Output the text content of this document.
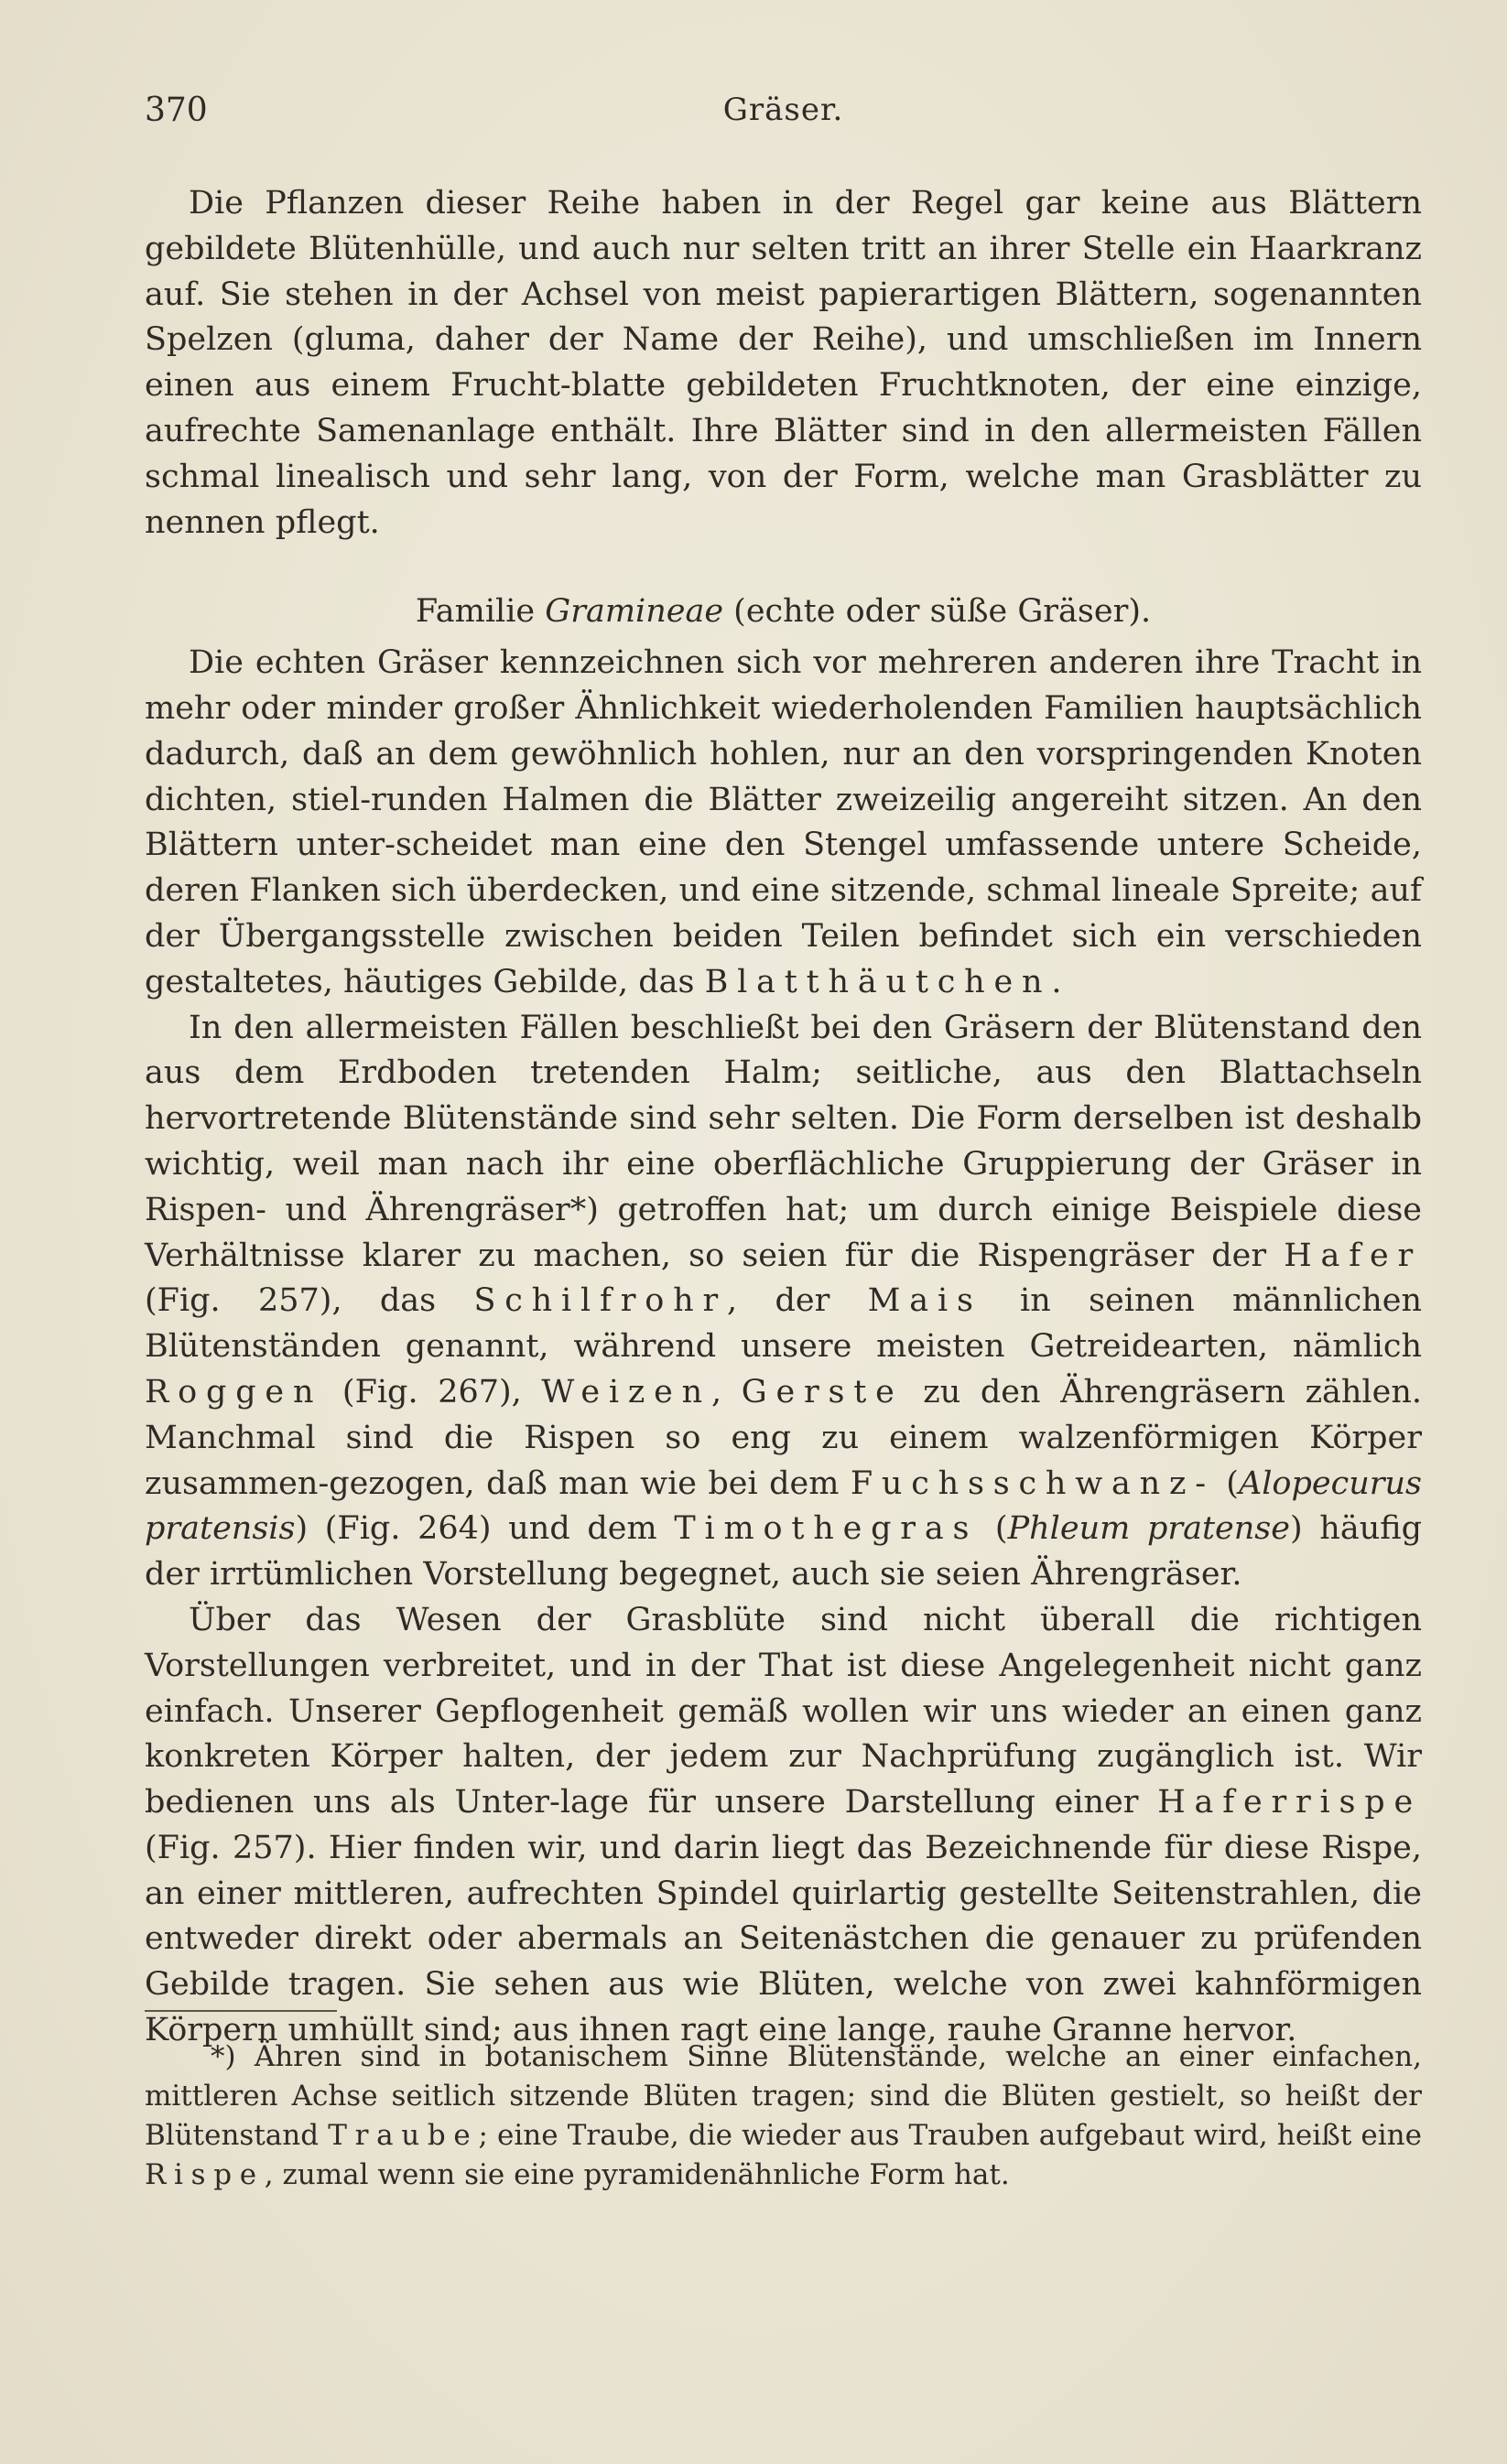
370	Gräser.

Die Pflanzen dieser Reihe haben in der Regel gar keine aus Blättern gebildete Blütenhülle, und auch nur selten tritt an ihrer Stelle ein Haarkranz auf. Sie stehen in der Achsel von meist papierartigen Blättern, sogenannten Spelzen (gluma, daher der Name der Reihe), und umschließen im Innern einen aus einem Frucht-blatte gebildeten Fruchtknoten, der eine einzige, aufrechte Samenanlage enthält. Ihre Blätter sind in den allermeisten Fällen schmal linealisch und sehr lang, von der Form, welche man Grasblätter zu nennen pflegt.

Familie Gramineae (echte oder süße Gräser).

Die echten Gräser kennzeichnen sich vor mehreren anderen ihre Tracht in mehr oder minder großer Ähnlichkeit wiederholenden Familien hauptsächlich dadurch, daß an dem gewöhnlich hohlen, nur an den vorspringenden Knoten dichten, stiel-runden Halmen die Blätter zweizeilig angereiht sitzen. An den Blättern unter-scheidet man eine den Stengel umfassende untere Scheide, deren Flanken sich überdecken, und eine sitzende, schmal lineale Spreite; auf der Übergangsstelle zwischen beiden Teilen befindet sich ein verschieden gestaltetes, häutiges Gebilde, das Blatthäutchen.

In den allermeisten Fällen beschließt bei den Gräsern der Blütenstand den aus dem Erdboden tretenden Halm; seitliche, aus den Blattachseln hervortretende Blütenstände sind sehr selten. Die Form derselben ist deshalb wichtig, weil man nach ihr eine oberflächliche Gruppierung der Gräser in Rispen- und Ährengräser*) getroffen hat; um durch einige Beispiele diese Verhältnisse klarer zu machen, so seien für die Rispengräser der Hafer (Fig. 257), das Schilfrohr, der Mais in seinen männlichen Blütenständen genannt, während unsere meisten Getreidearten, nämlich Roggen (Fig. 267), Weizen, Gerste zu den Ährengräsern zählen. Manchmal sind die Rispen so eng zu einem walzenförmigen Körper zusammen-gezogen, daß man wie bei dem Fuchsschwanz- (Alopecurus pratensis) (Fig. 264) und dem Timothegras (Phleum pratense) häufig der irrtümlichen Vorstellung begegnet, auch sie seien Ährengräser.

Über das Wesen der Grasblüte sind nicht überall die richtigen Vorstellungen verbreitet, und in der That ist diese Angelegenheit nicht ganz einfach. Unserer Gepflogenheit gemäß wollen wir uns wieder an einen ganz konkreten Körper halten, der jedem zur Nachprüfung zugänglich ist. Wir bedienen uns als Unter-lage für unsere Darstellung einer Haferrispe (Fig. 257). Hier finden wir, und darin liegt das Bezeichnende für diese Rispe, an einer mittleren, aufrechten Spindel quirlartig gestellte Seitenstrahlen, die entweder direkt oder abermals an Seitenästchen die genauer zu prüfenden Gebilde tragen. Sie sehen aus wie Blüten, welche von zwei kahnförmigen Körpern umhüllt sind; aus ihnen ragt eine lange, rauhe Granne hervor.

*) Ähren sind in botanischem Sinne Blütenstände, welche an einer einfachen, mittleren Achse seitlich sitzende Blüten tragen; sind die Blüten gestielt, so heißt der Blütenstand Traube; eine Traube, die wieder aus Trauben aufgebaut wird, heißt eine Rispe, zumal wenn sie eine pyramidenähnliche Form hat.
